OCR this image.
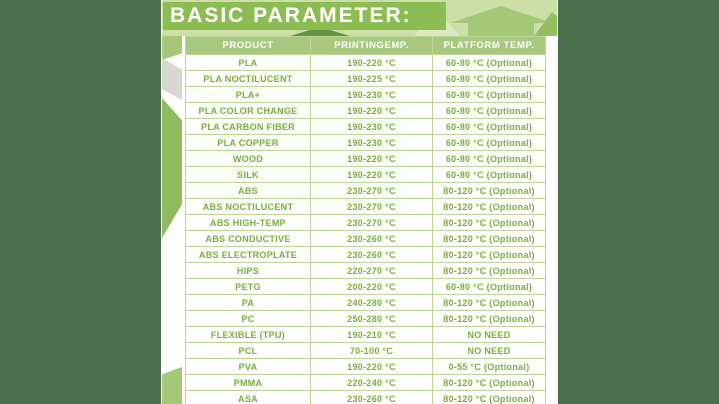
BASIC PARAMETER:
PRODUCT	PRINTINGEMP.	PLATFORM TEMP.
PLA	190-220 °C	60-80 °C (Optional)
PLA NOCTILUCENT	190-225 °C	60-80 °C (Optional)
PLA+	190-230 °C	60-80 °C (Optional)
PLA COLOR CHANGE	190-220 °C	60-80 °C (Optional)
PLA CARBON FIBER	190-230 °C	60-80 °C (Optional)
PLA COPPER	190-230 °C	60-80 °C (Optional)
WOOD	190-220 °C	60-80 °C (Optional)
SILK	190-220 °C	60-80 °C (Optional)
ABS	230-270 °C	80-120 °C (Optional)
ABS NOCTILUCENT	230-270 °C	80-120 °C (Optional)
ABS HIGH-TEMP	230-270 °C	80-120 °C (Optional)
ABS CONDUCTIVE	230-260 °C	80-120 °C (Optional)
ABS ELECTROPLATE	230-260 °C	80-120 °C (Optional)
HIPS	220-270 °C	80-120 °C (Optional)
PETG	200-220 °C	60-80 °C (Optional)
PA	240-280 °C	80-120 °C (Optional)
PC	250-280 °C	80-120 °C (Optional)
FLEXIBLE (TPU)	190-210 °C	NO NEED
PCL	70-100 °C	NO NEED
PVA	190-220 °C	0-55 °C (Optional)
PMMA	220-240 °C	80-120 °C (Optional)
ASA	230-260 °C	80-120 °C (Optional)
